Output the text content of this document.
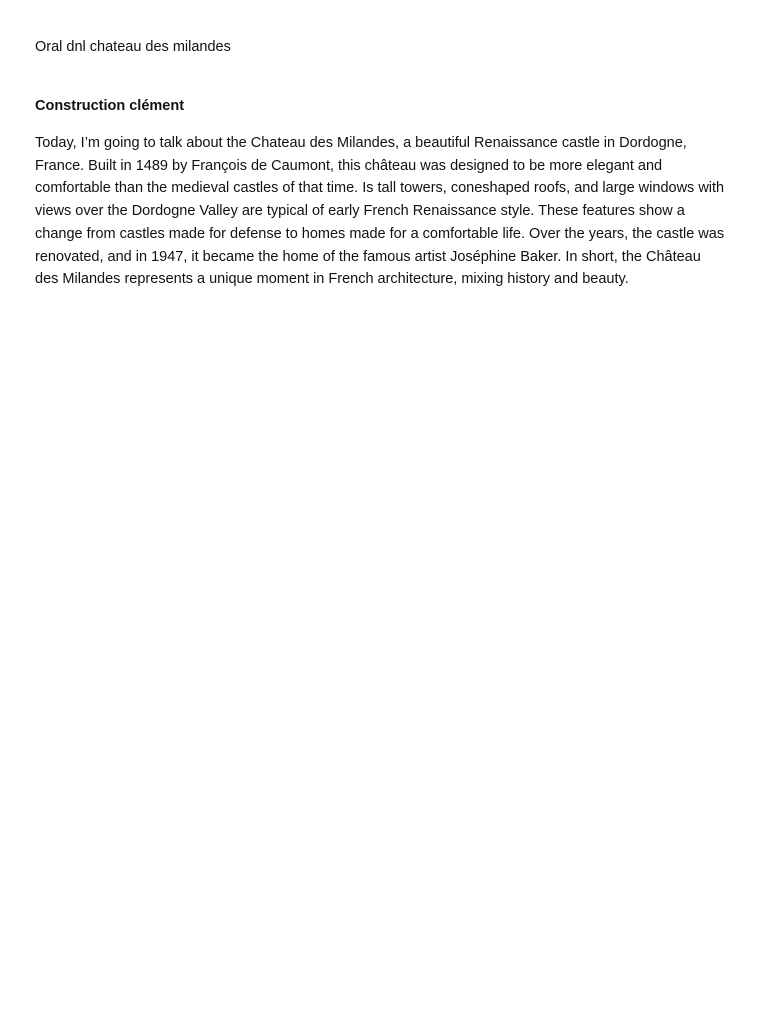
Oral dnl chateau des milandes

Construction clément

Today, I’m going to talk about the Chateau des Milandes, a beautiful Renaissance castle in Dordogne, France. Built in 1489 by François de Caumont, this château was designed to be more elegant and comfortable than the medieval castles of that time. Is tall towers, coneshaped roofs, and large windows with views over the Dordogne Valley are typical of early French Renaissance style. These features show a change from castles made for defense to homes made for a comfortable life. Over the years, the castle was renovated, and in 1947, it became the home of the famous artist Joséphine Baker. In short, the Château des Milandes represents a unique moment in French architecture, mixing history and beauty.
